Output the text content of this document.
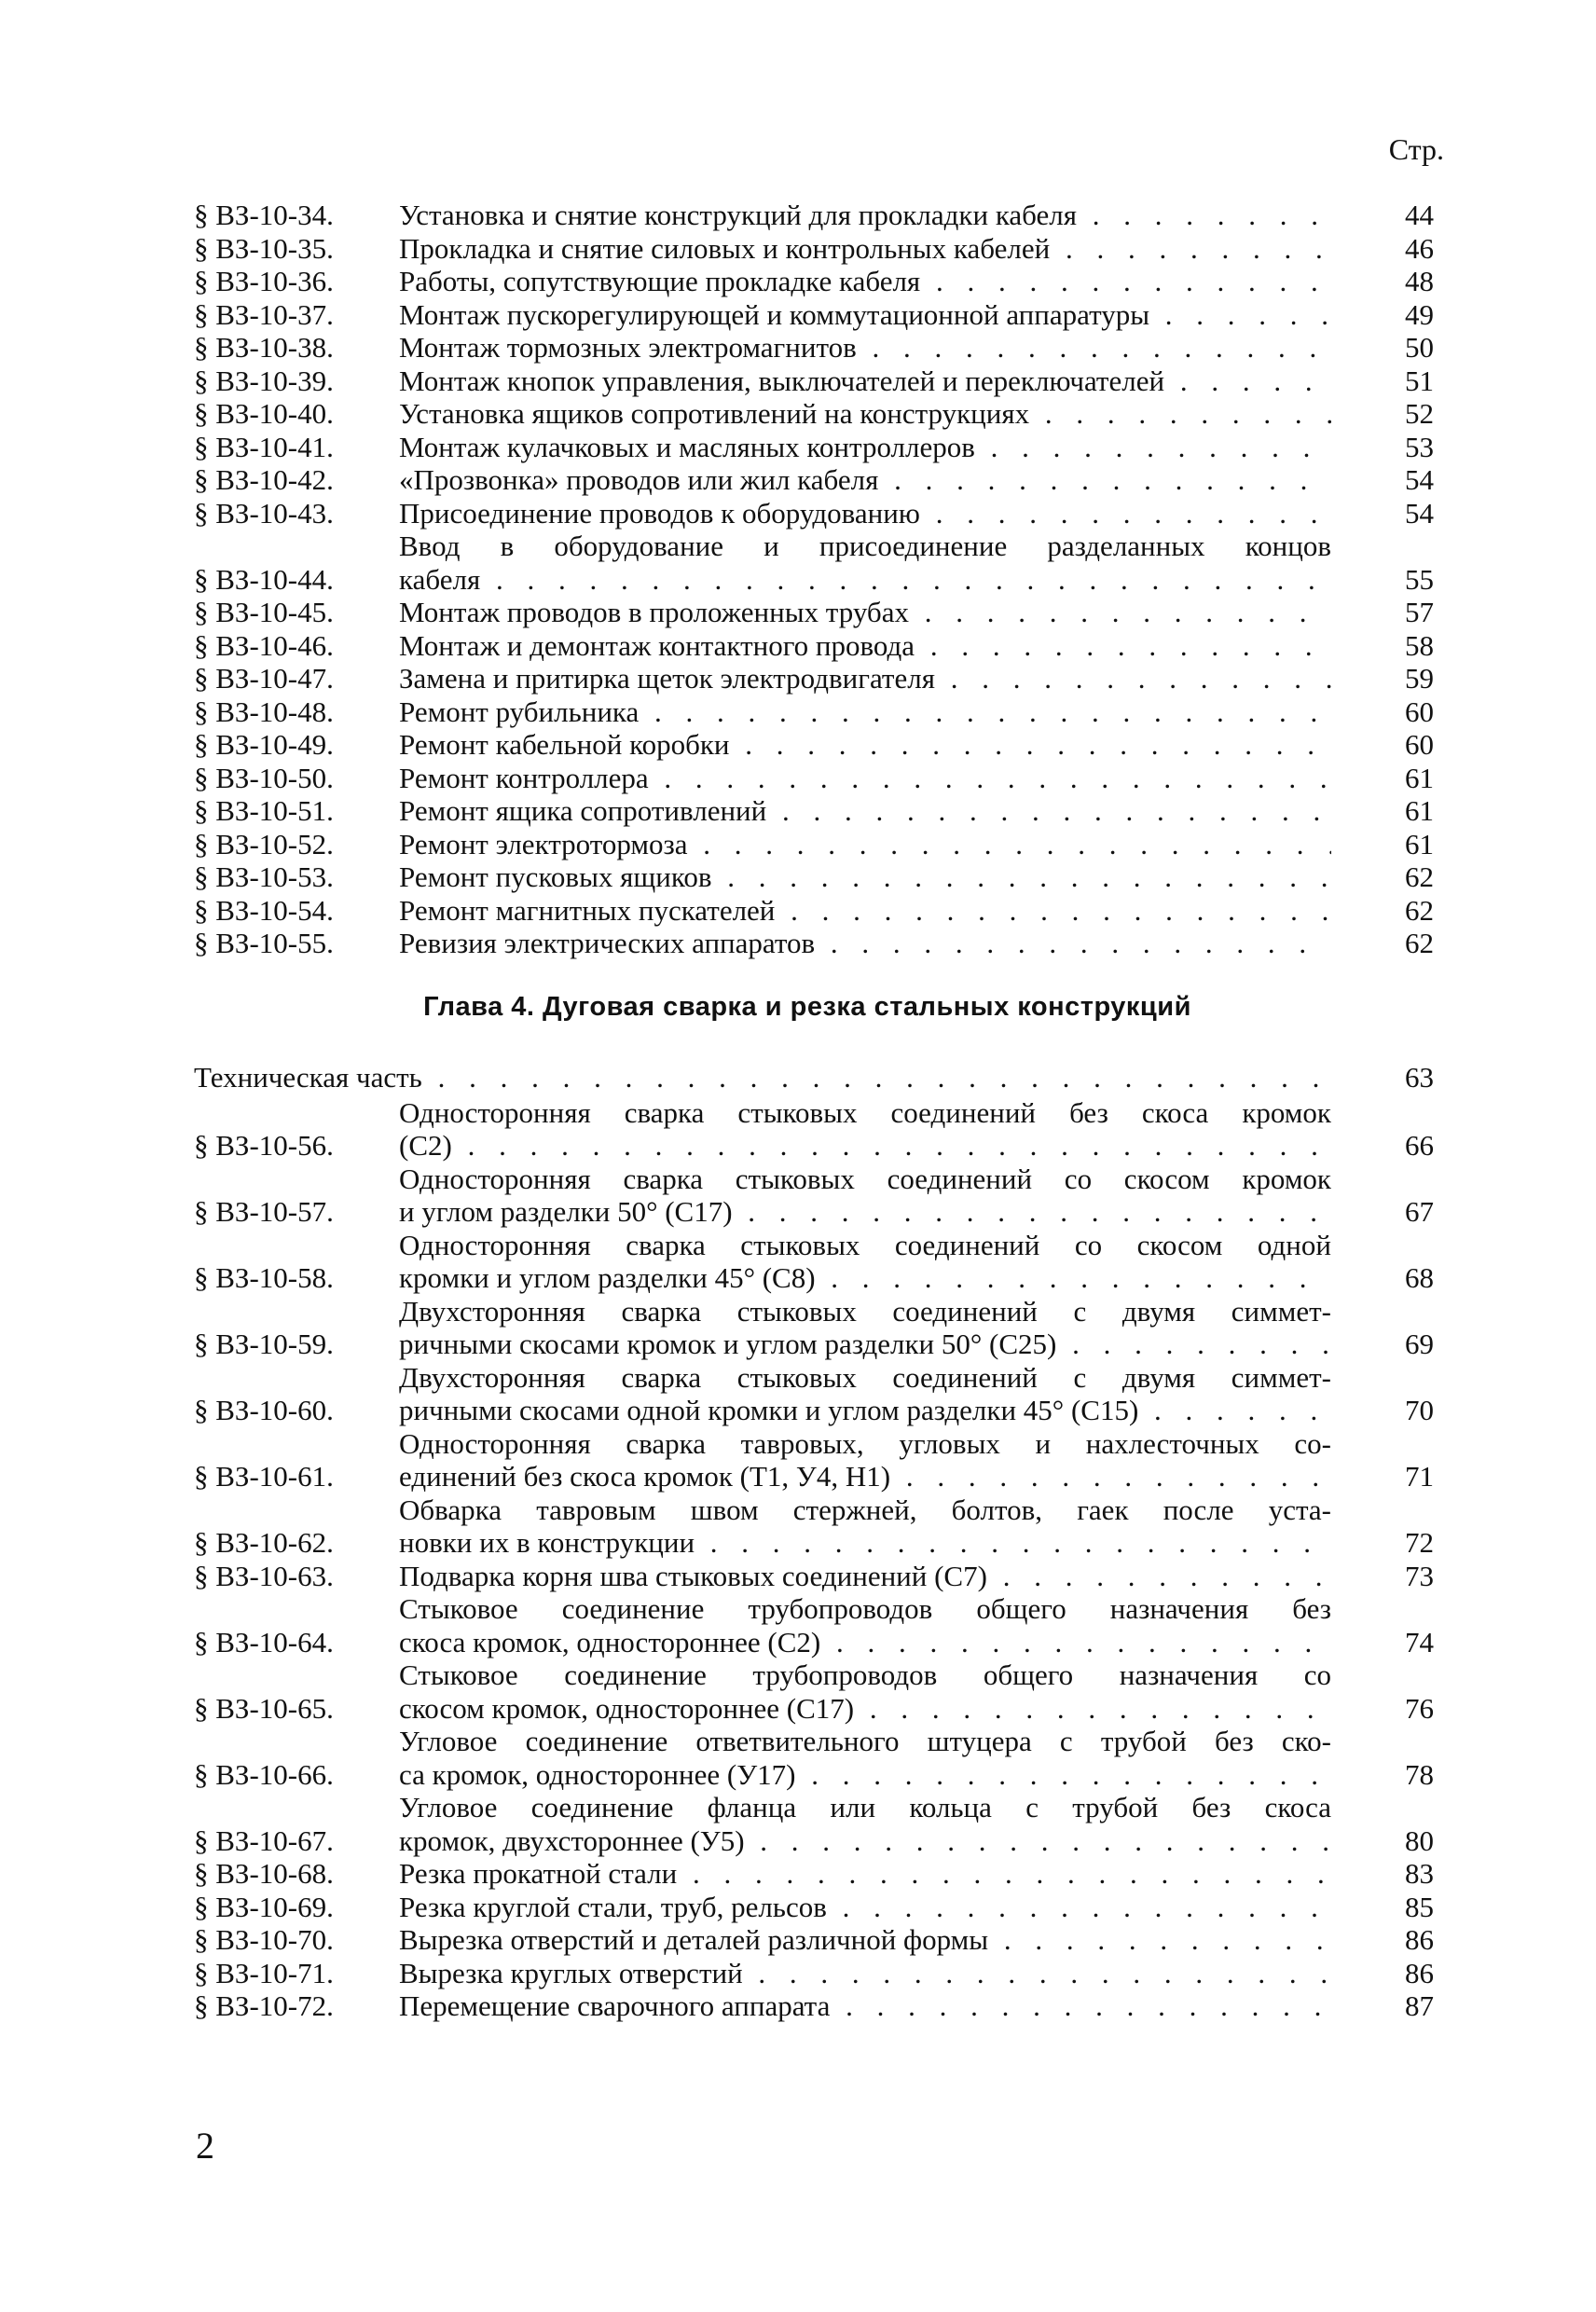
Стр.
§ ВЗ-10-34.	Установка и снятие конструкций для прокладки кабеля . . .	44
§ ВЗ-10-35.	Прокладка и снятие силовых и контрольных кабелей . . .	46
§ ВЗ-10-36.	Работы, сопутствующие прокладке кабеля . . .	48
§ ВЗ-10-37.	Монтаж пускорегулирующей и коммутационной аппаратуры . . .	49
§ ВЗ-10-38.	Монтаж тормозных электромагнитов . . .	50
§ ВЗ-10-39.	Монтаж кнопок управления, выключателей и переключателей . . .	51
§ ВЗ-10-40.	Установка ящиков сопротивлений на конструкциях . . .	52
§ ВЗ-10-41.	Монтаж кулачковых и масляных контроллеров . . .	53
§ ВЗ-10-42.	«Прозвонка» проводов или жил кабеля . . .	54
§ ВЗ-10-43.	Присоединение проводов к оборудованию . . .	54
§ ВЗ-10-44.
Ввод в оборудование и присоединение разделанных концов
кабеля . . .	55
§ ВЗ-10-45.	Монтаж проводов в проложенных трубах . . .	57
§ ВЗ-10-46.	Монтаж и демонтаж контактного провода . . .	58
§ ВЗ-10-47.	Замена и притирка щеток электродвигателя . . .	59
§ ВЗ-10-48.	Ремонт рубильника . . .	60
§ ВЗ-10-49.	Ремонт кабельной коробки . . .	60
§ ВЗ-10-50.	Ремонт контроллера . . .	61
§ ВЗ-10-51.	Ремонт ящика сопротивлений . . .	61
§ ВЗ-10-52.	Ремонт электротормоза . . .	61
§ ВЗ-10-53.	Ремонт пусковых ящиков . . .	62
§ ВЗ-10-54.	Ремонт магнитных пускателей . . .	62
§ ВЗ-10-55.	Ревизия электрических аппаратов . . .	62
Глава 4. Дуговая сварка и резка стальных конструкций
Техническая часть . . .	63
§ ВЗ-10-56.
Односторонняя сварка стыковых соединений без скоса кромок
(С2) . . .	66
§ ВЗ-10-57.
Односторонняя сварка стыковых соединений со скосом кромок
и углом разделки 50° (С17) . . .	67
§ ВЗ-10-58.
Односторонняя сварка стыковых соединений со скосом одной
кромки и углом разделки 45° (С8) . . .	68
§ ВЗ-10-59.
Двухсторонняя сварка стыковых соединений с двумя симмет-
ричными скосами кромок и углом разделки 50° (С25) . . .	69
§ ВЗ-10-60.
Двухсторонняя сварка стыковых соединений с двумя симмет-
ричными скосами одной кромки и углом разделки 45° (С15) . . .	70
§ ВЗ-10-61.
Односторонняя сварка тавровых, угловых и нахлесточных со-
единений без скоса кромок (Т1, У4, Н1) . . .	71
§ ВЗ-10-62.
Обварка тавровым швом стержней, болтов, гаек после уста-
новки их в конструкции . . .	72
§ ВЗ-10-63.	Подварка корня шва стыковых соединений (С7) . . .	73
§ ВЗ-10-64.
Стыковое соединение трубопроводов общего назначения без
скоса кромок, одностороннее (С2) . . .	74
§ ВЗ-10-65.
Стыковое соединение трубопроводов общего назначения со
скосом кромок, одностороннее (С17) . . .	76
§ ВЗ-10-66.
Угловое соединение ответвительного штуцера с трубой без ско-
са кромок, одностороннее (У17) . . .	78
§ ВЗ-10-67.
Угловое соединение фланца или кольца с трубой без скоса
кромок, двухстороннее (У5) . . .	80
§ ВЗ-10-68.	Резка прокатной стали . . .	83
§ ВЗ-10-69.	Резка круглой стали, труб, рельсов . . .	85
§ ВЗ-10-70.	Вырезка отверстий и деталей различной формы . . .	86
§ ВЗ-10-71.	Вырезка круглых отверстий . . .	86
§ ВЗ-10-72.	Перемещение сварочного аппарата . . .	87
2
